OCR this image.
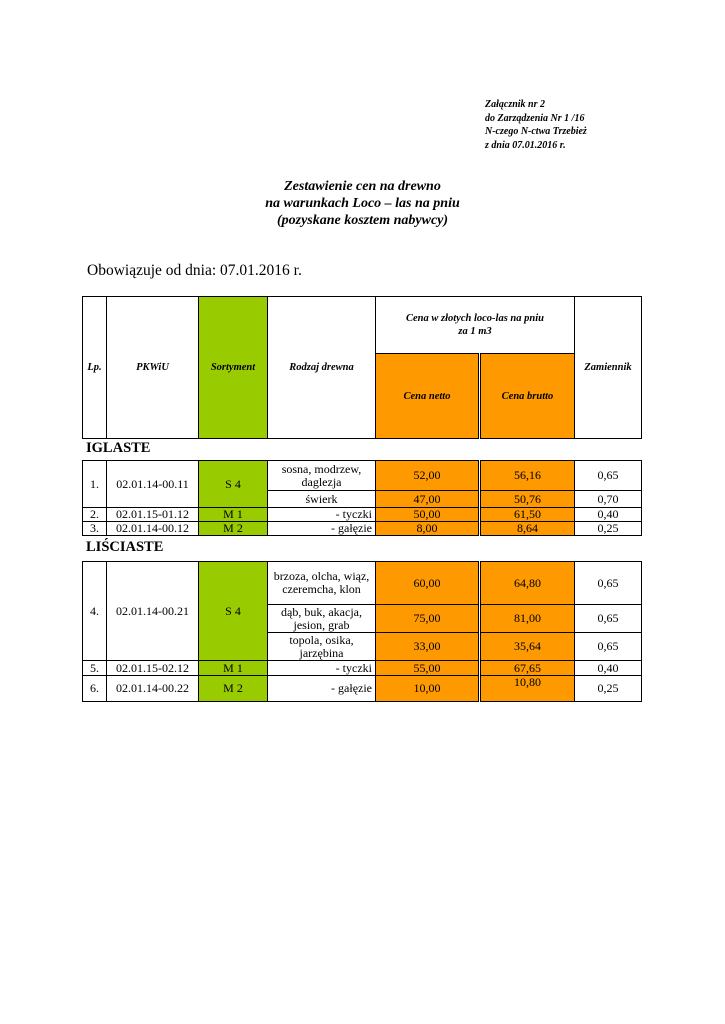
Załącznik nr 2
do Zarządzenia Nr 1 /16
N-czego N-ctwa Trzebież
z dnia 07.01.2016 r.
Zestawienie cen na drewno
na warunkach Loco – las na pniu
(pozyskane kosztem nabywcy)
Obowiązuje od dnia: 07.01.2016 r.
Lp.	PKWiU	Sortyment	Rodzaj drewna	Cena w złotych loco-las na pniu
za 1 m3		Zamiennik
				Cena netto	Cena brutto	
IGLASTE
1.	02.01.14-00.11	S 4	sosna, modrzew, daglezja	52,00	56,16	0,65
			świerk	47,00	50,76	0,70
2.	02.01.15-01.12	M 1	- tyczki	50,00	61,50	0,40
3.	02.01.14-00.12	M 2	- gałęzie	8,00	8,64	0,25
LIŚCIASTE
4.	02.01.14-00.21	S 4	brzoza, olcha, wiąz, czeremcha, klon	60,00	64,80	0,65
			dąb, buk, akacja, jesion, grab	75,00	81,00	0,65
			topola, osika, jarzębina	33,00	35,64	0,65
5.	02.01.15-02.12	M 1	- tyczki	55,00	67,65	0,40
6.	02.01.14-00.22	M 2	- gałęzie	10,00	10,80	0,25
